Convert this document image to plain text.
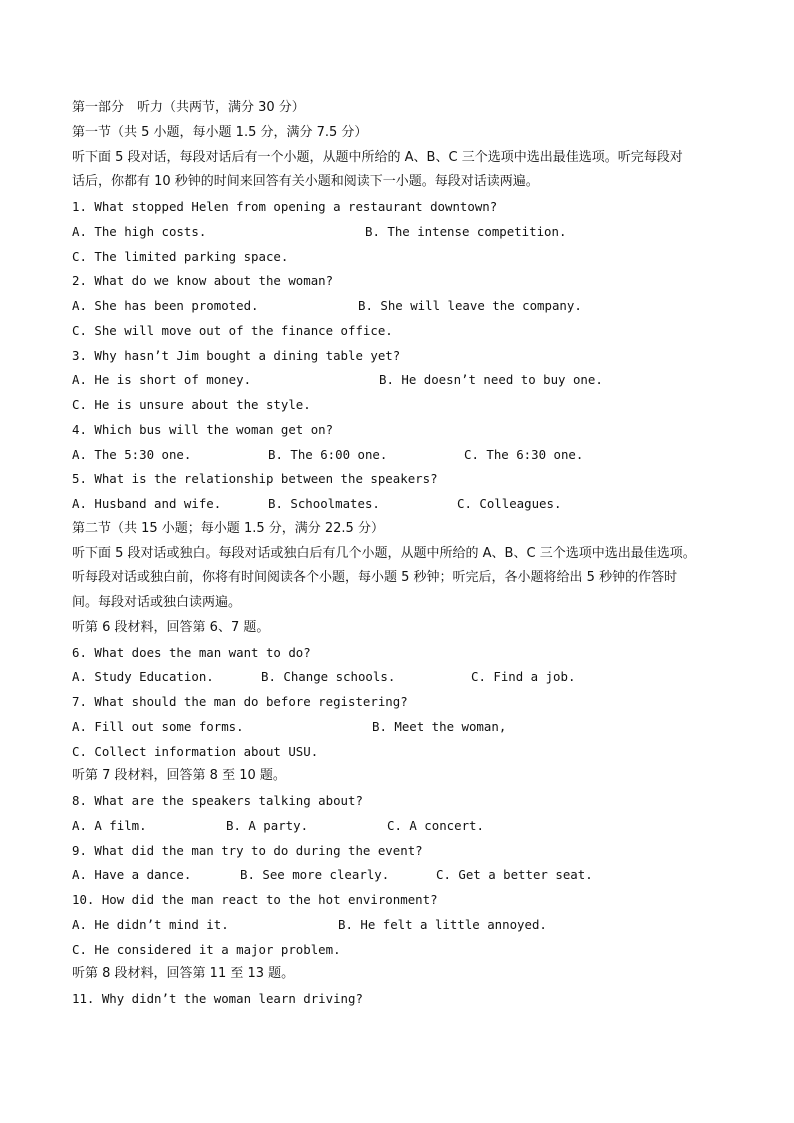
第一部分　听力（共两节，满分 30 分）
第一节（共 5 小题，每小题 1.5 分，满分 7.5 分）
听下面 5 段对话，每段对话后有一个小题，从题中所给的 A、B、C 三个选项中选出最佳选项。听完每段对
话后，你都有 10 秒钟的时间来回答有关小题和阅读下一小题。每段对话读两遍。
1. What stopped Helen from opening a restaurant downtown?

A. The high costs.

	B. The intense competition.

C. The limited parking space.
2. What do we know about the woman?

A. She has been promoted.

	B. She will leave the company.

C. She will move out of the finance office.
3. Why hasn’t Jim bought a dining table yet?

A. He is short of money.

	B. He doesn’t need to buy one.

C. He is unsure about the style.
4. Which bus will the woman get on?

A. The 5:30 one.

	B. The 6:00 one.

	C. The 6:30 one.

5. What is the relationship between the speakers?

A. Husband and wife.

	B. Schoolmates.

	C. Colleagues.

第二节（共 15 小题；每小题 1.5 分，满分 22.5 分）
听下面 5 段对话或独白。每段对话或独白后有几个小题，从题中所给的 A、B、C 三个选项中选出最佳选项。
听每段对话或独白前，你将有时间阅读各个小题，每小题 5 秒钟；听完后，各小题将给出 5 秒钟的作答时
间。每段对话或独白读两遍。
听第 6 段材料，回答第 6、7 题。
6. What does the man want to do?

A. Study Education.

	B. Change schools.

	C. Find a job.

7. What should the man do before registering?

A. Fill out some forms.

	B. Meet the woman,

C. Collect information about USU.
听第 7 段材料，回答第 8 至 10 题。
8. What are the speakers talking about?

A. A film.

	B. A party.

	C. A concert.

9. What did the man try to do during the event?

A. Have a dance.

	B. See more clearly.

	C. Get a better seat.

10. How did the man react to the hot environment?

A. He didn’t mind it.

	B. He felt a little annoyed.

C. He considered it a major problem.
听第 8 段材料，回答第 11 至 13 题。
11. Why didn’t the woman learn driving?
